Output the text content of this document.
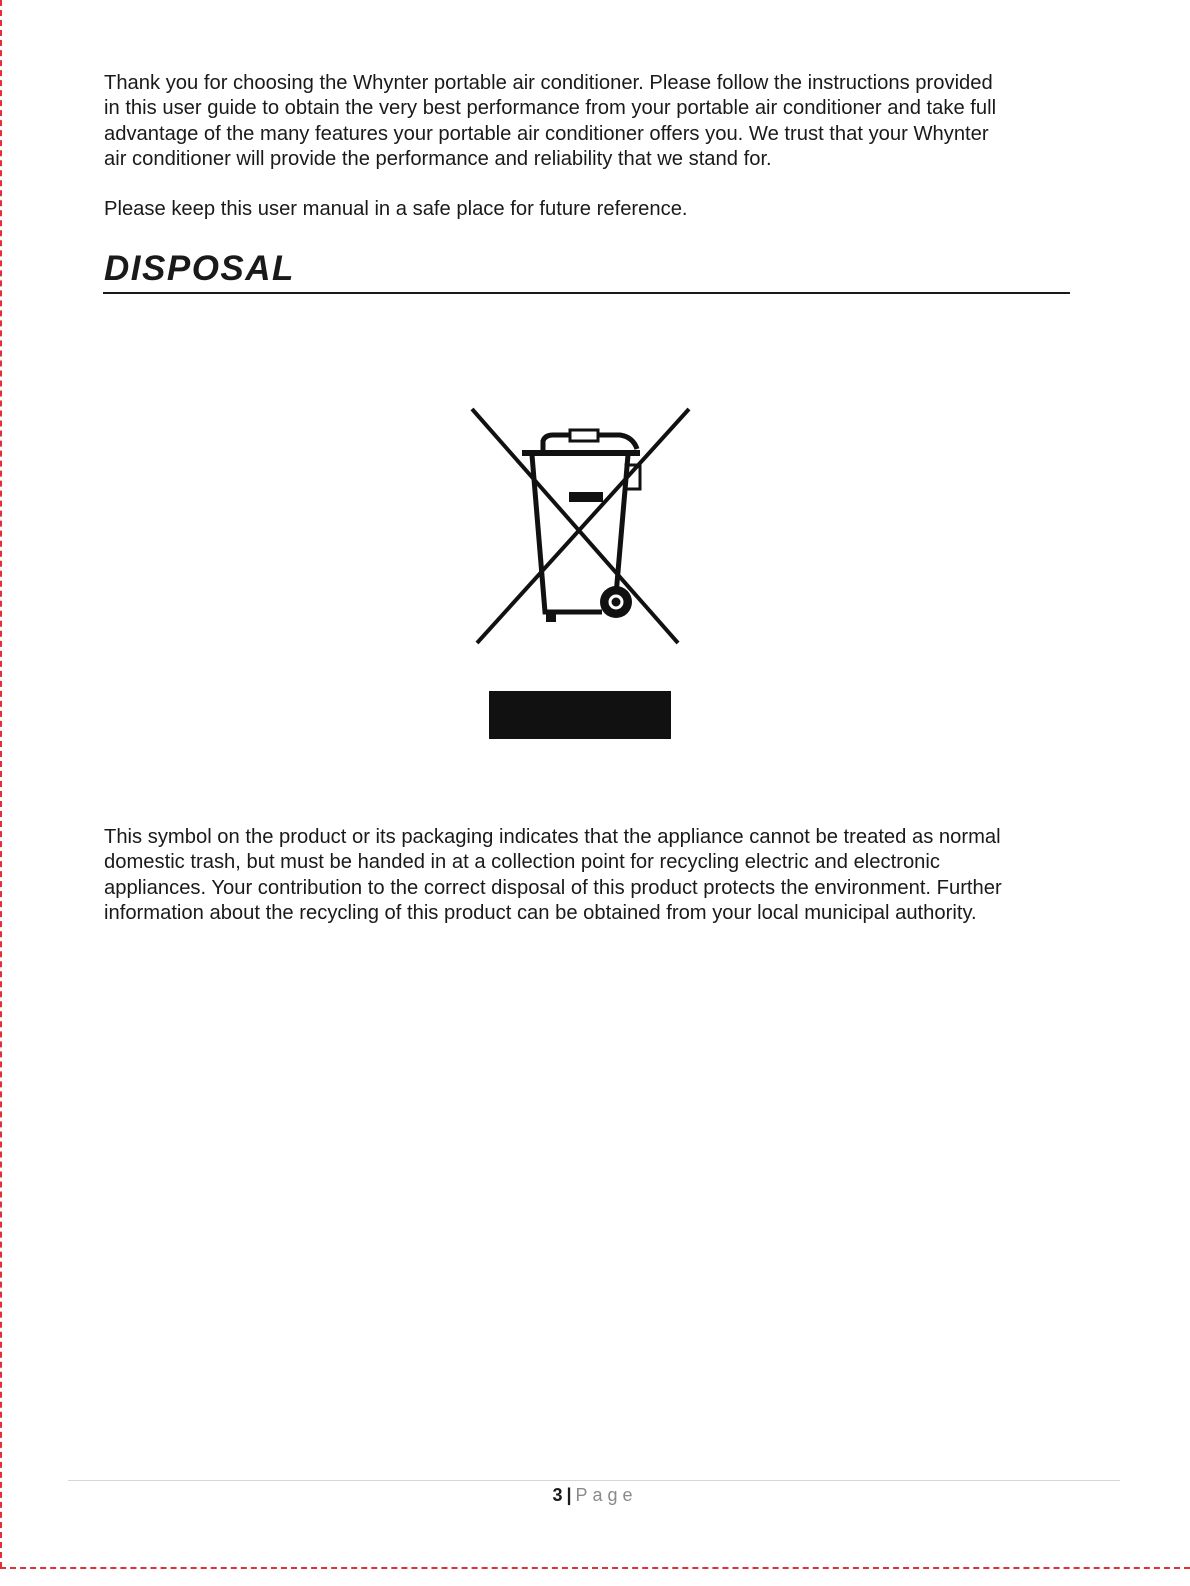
Thank you for choosing the Whynter portable air conditioner. Please follow the instructions provided
in this user guide to obtain the very best performance from your portable air conditioner and take full
advantage of the many features your portable air conditioner offers you. We trust that your Whynter
air conditioner will provide the performance and reliability that we stand for.

Please keep this user manual in a safe place for future reference.

DISPOSAL

This symbol on the product or its packaging indicates that the appliance cannot be treated as normal
domestic trash, but must be handed in at a collection point for recycling electric and electronic
appliances. Your contribution to the correct disposal of this product protects the environment. Further
information about the recycling of this product can be obtained from your local municipal authority.

3 | Page
